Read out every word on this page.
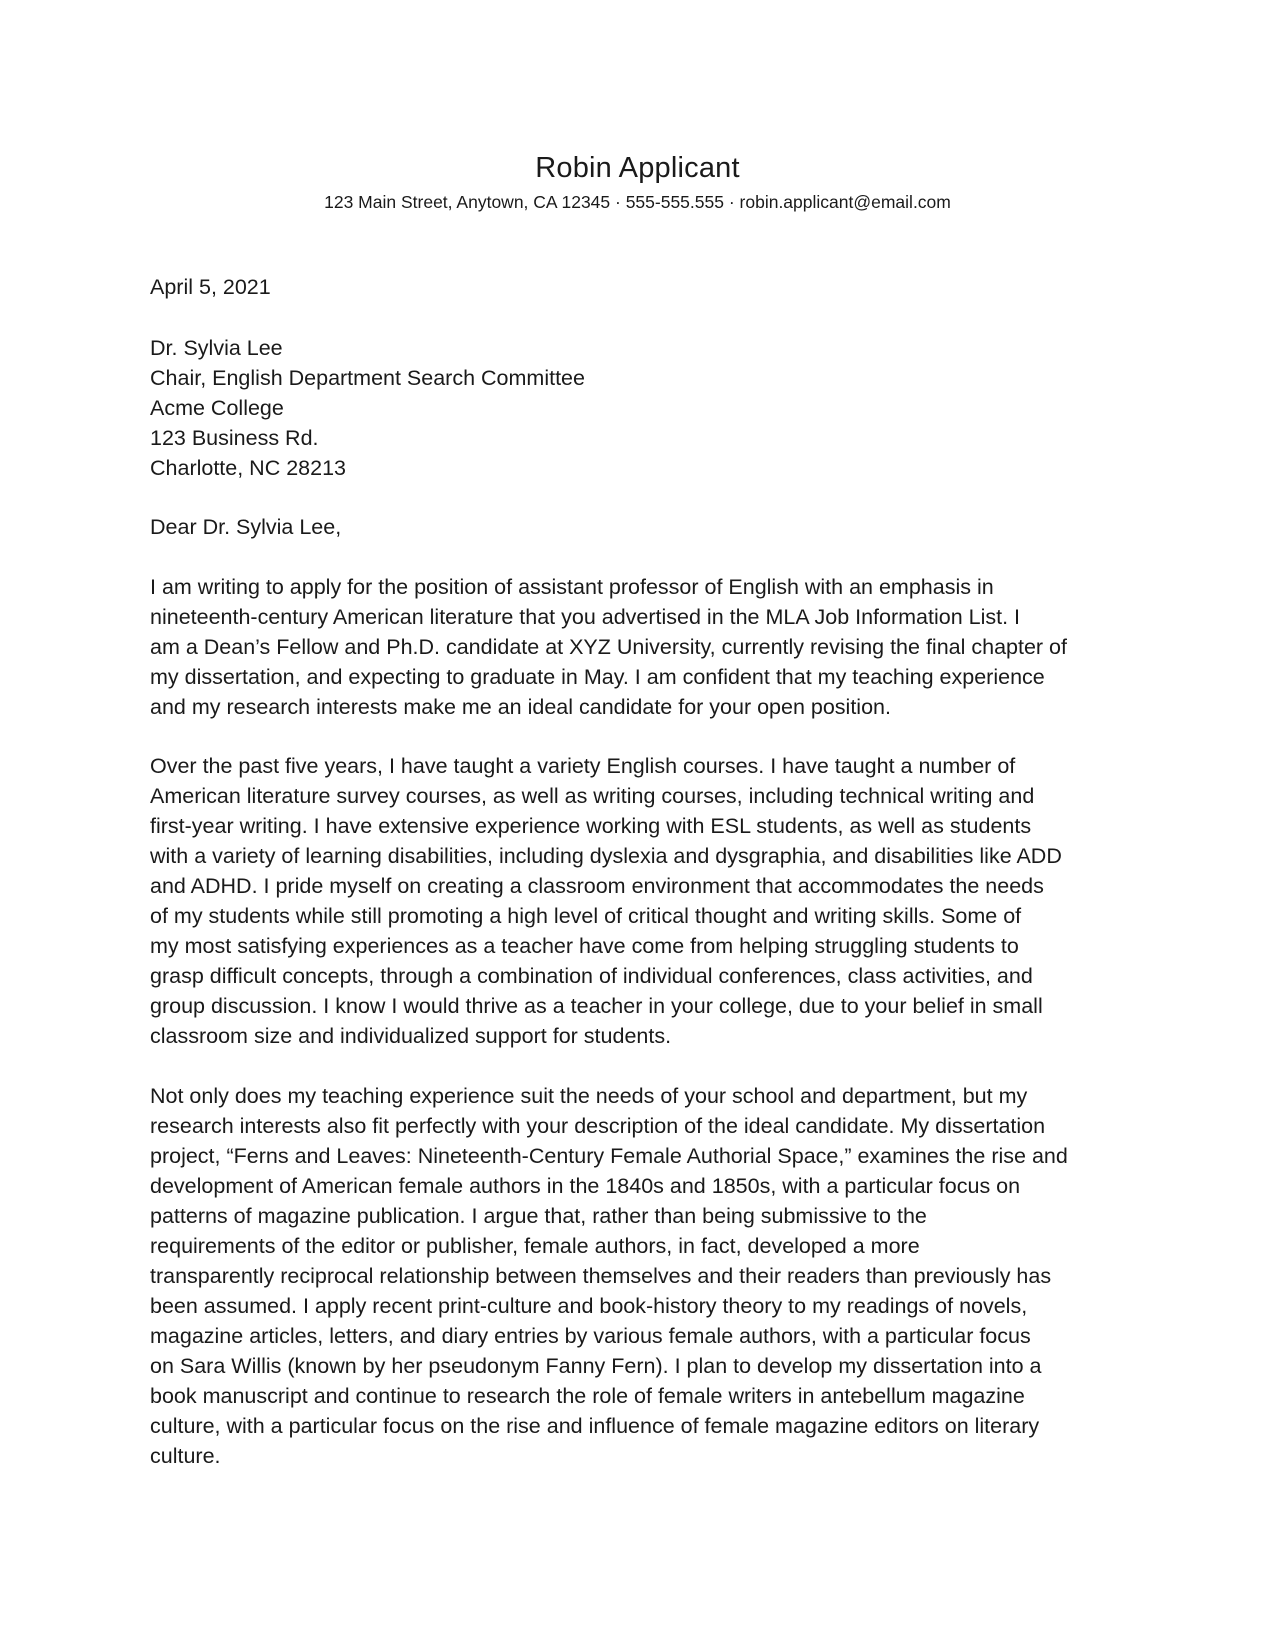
Robin Applicant
123 Main Street, Anytown, CA 12345 · 555-555.555 · robin.applicant@email.com
April 5, 2021
Dr. Sylvia Lee
Chair, English Department Search Committee
Acme College
123 Business Rd.
Charlotte, NC 28213
Dear Dr. Sylvia Lee,
I am writing to apply for the position of assistant professor of English with an emphasis in
nineteenth-century American literature that you advertised in the MLA Job Information List. I
am a Dean’s Fellow and Ph.D. candidate at XYZ University, currently revising the final chapter of
my dissertation, and expecting to graduate in May. I am confident that my teaching experience
and my research interests make me an ideal candidate for your open position.
Over the past five years, I have taught a variety English courses. I have taught a number of
American literature survey courses, as well as writing courses, including technical writing and
first-year writing. I have extensive experience working with ESL students, as well as students
with a variety of learning disabilities, including dyslexia and dysgraphia, and disabilities like ADD
and ADHD. I pride myself on creating a classroom environment that accommodates the needs
of my students while still promoting a high level of critical thought and writing skills. Some of
my most satisfying experiences as a teacher have come from helping struggling students to
grasp difficult concepts, through a combination of individual conferences, class activities, and
group discussion. I know I would thrive as a teacher in your college, due to your belief in small
classroom size and individualized support for students.
Not only does my teaching experience suit the needs of your school and department, but my
research interests also fit perfectly with your description of the ideal candidate. My dissertation
project, “Ferns and Leaves: Nineteenth-Century Female Authorial Space,” examines the rise and
development of American female authors in the 1840s and 1850s, with a particular focus on
patterns of magazine publication. I argue that, rather than being submissive to the
requirements of the editor or publisher, female authors, in fact, developed a more
transparently reciprocal relationship between themselves and their readers than previously has
been assumed. I apply recent print-culture and book-history theory to my readings of novels,
magazine articles, letters, and diary entries by various female authors, with a particular focus
on Sara Willis (known by her pseudonym Fanny Fern). I plan to develop my dissertation into a
book manuscript and continue to research the role of female writers in antebellum magazine
culture, with a particular focus on the rise and influence of female magazine editors on literary
culture.
